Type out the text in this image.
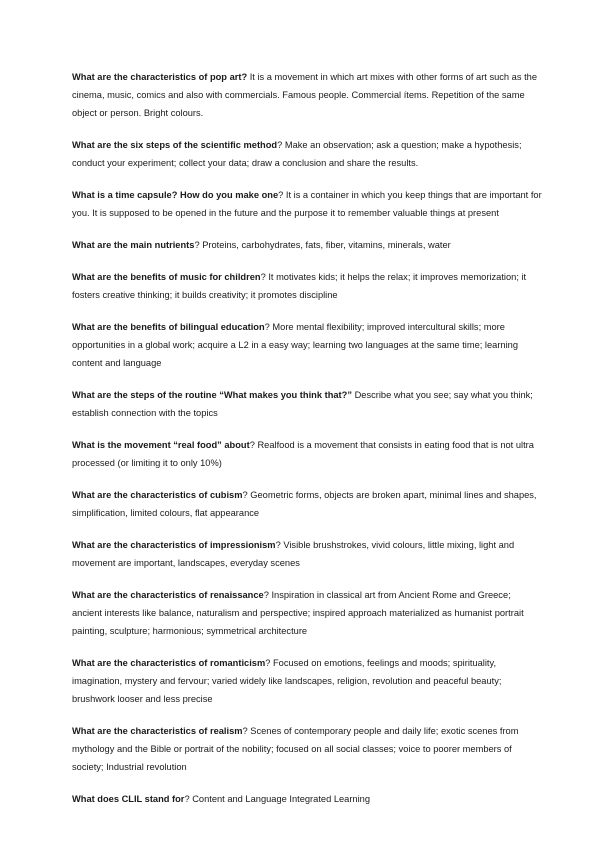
What are the characteristics of pop art? It is a movement in which art mixes with other forms of art such as the cinema, music, comics and also with commercials. Famous people. Commercial ítems. Repetition of the same object or person. Bright colours.

What are the six steps of the scientific method? Make an observation; ask a question; make a hypothesis; conduct your experiment; collect your data; draw a conclusion and share the results.

What is a time capsule? How do you make one? It is a container in which you keep things that are important for you. It is supposed to be opened in the future and the purpose it to remember valuable things at present

What are the main nutrients? Proteins, carbohydrates, fats, fiber, vitamins, minerals, water

What are the benefits of music for children? It motivates kids; it helps the relax; it improves memorization; it fosters creative thinking; it builds creativity; it promotes discipline

What are the benefits of bilingual education? More mental flexibility; improved intercultural skills; more opportunities in a global work; acquire a L2 in a easy way; learning two languages at the same time; learning content and language

What are the steps of the routine “What makes you think that?” Describe what you see; say what you think; establish connection with the topics

What is the movement “real food” about? Realfood is a movement that consists in eating food that is not ultra processed (or limiting it to only 10%)

What are the characteristics of cubism? Geometric forms, objects are broken apart, minimal lines and shapes, simplification, limited colours, flat appearance

What are the characteristics of impressionism? Visible brushstrokes, vivid colours, little mixing, light and movement are important, landscapes, everyday scenes

What are the characteristics of renaissance? Inspiration in classical art from Ancient Rome and Greece; ancient interests like balance, naturalism and perspective; inspired approach materialized as humanist portrait painting, sculpture; harmonious; symmetrical architecture

What are the characteristics of romanticism? Focused on emotions, feelings and moods; spirituality, imagination, mystery and fervour; varied widely like landscapes, religion, revolution and peaceful beauty; brushwork looser and less precise

What are the characteristics of realism? Scenes of contemporary people and daily life; exotic scenes from mythology and the Bible or portrait of the nobility; focused on all social classes; voice to poorer members of society; Industrial revolution

What does CLIL stand for? Content and Language Integrated Learning
